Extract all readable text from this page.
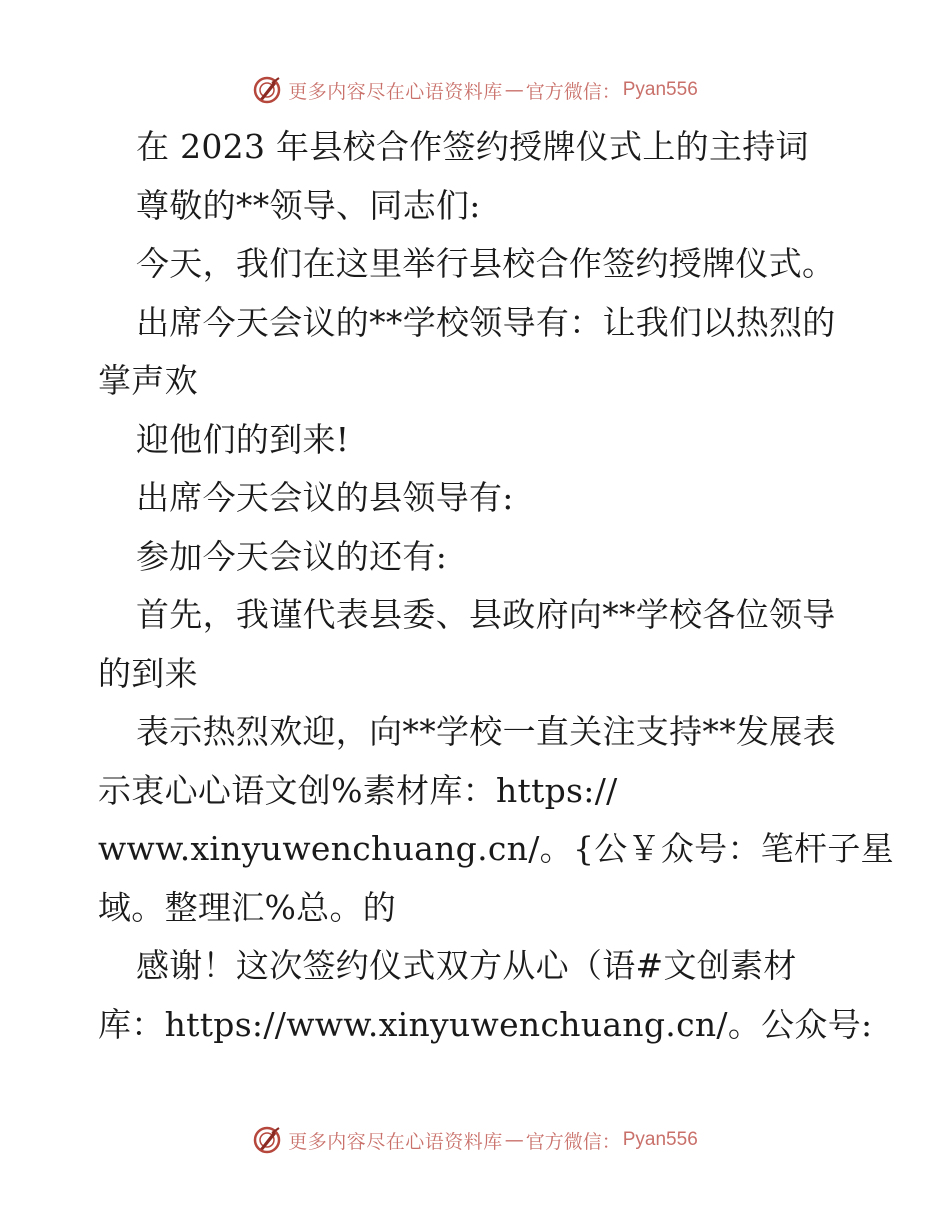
更多内容尽在心语资料库 — 官方微信： Pyan556
在 2023 年县校合作签约授牌仪式上的主持词
尊敬的**领导、同志们:
今天，我们在这里举行县校合作签约授牌仪式。
出席今天会议的**学校领导有：让我们以热烈的
掌声欢
迎他们的到来!
出席今天会议的县领导有:
参加今天会议的还有:
首先，我谨代表县委、县政府向**学校各位领导
的到来
表示热烈欢迎，向**学校一直关注支持**发展表
示衷心心语文创%素材库：https://
www.xinyuwenchuang.cn/。{公￥众号：笔杆子星
域。整理汇%总。的
感谢！这次签约仪式双方从心（语#文创素材
库：https://www.xinyuwenchuang.cn/。公众号:
更多内容尽在心语资料库 — 官方微信： Pyan556
